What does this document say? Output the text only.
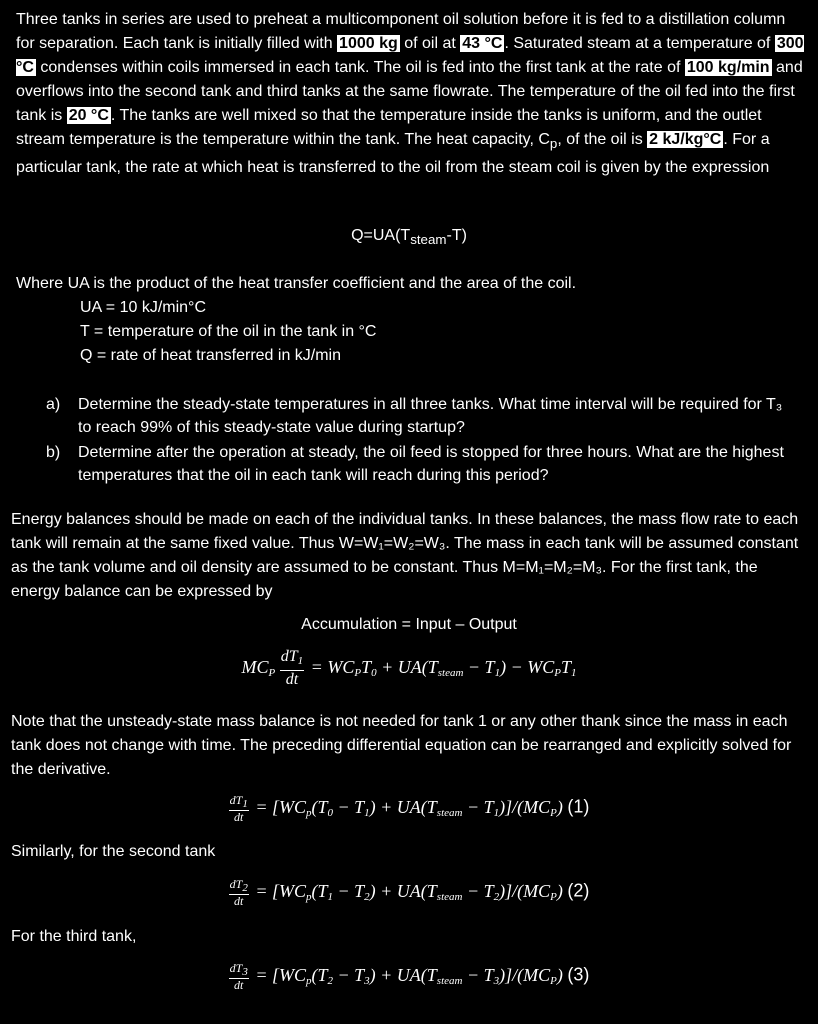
Three tanks in series are used to preheat a multicomponent oil solution before it is fed to a distillation column for separation. Each tank is initially filled with 1000 kg of oil at 43 °C . Saturated steam at a temperature of 300 °C condenses within coils immersed in each tank. The oil is fed into the first tank at the rate of 100 kg/min and overflows into the second tank and third tanks at the same flowrate. The temperature of the oil fed into the first tank is 20 °C . The tanks are well mixed so that the temperature inside the tanks is uniform, and the outlet stream temperature is the temperature within the tank. The heat capacity, $C_p$, of the oil is 2 kJ/kg°C . For a particular tank, the rate at which heat is transferred to the oil from the steam coil is given by the expression

$Q=UA(T_{steam}-T)$

Where UA is the product of the heat transfer coefficient and the area of the coil.

UA = 10 kJ/min°C
T = temperature of the oil in the tank in °C
Q = rate of heat transferred in kJ/min
a) Determine the steady-state temperatures in all three tanks. What time interval will be required for T₃ to reach 99% of this steady-state value during startup?
b) Determine after the operation at steady, the oil feed is stopped for three hours. What are the highest temperatures that the oil in each tank will reach during this period?

Energy balances should be made on each of the individual tanks. In these balances, the mass flow rate to each tank will remain at the same fixed value. Thus W=W₁=W₂=W₃. The mass in each tank will be assumed constant as the tank volume and oil density are assumed to be constant. Thus M=M₁=M₂=M₃. For the first tank, the energy balance can be expressed by

Accumulation = Input – Output
$MC_P \frac{dT_1}{dt} = WC_PT_0 + UA(T_{steam} - T_1) - WC_PT_1$

Note that the unsteady-state mass balance is not needed for tank 1 or any other thank since the mass in each tank does not change with time. The preceding differential equation can be rearranged and explicitly solved for the derivative.

$\frac{dT1}{dt} = [WC_p(T_0 - T_1) + UA(T_{steam} - T_1)]/(MC_P)$ (1)
Similarly, for the second tank
$\frac{dT2}{dt} = [WC_p(T_1 - T_2) + UA(T_{steam} - T_2)]/(MC_P)$ (2)
For the third tank,
$\frac{dT3}{dt} = [WC_p(T_2 - T_3) + UA(T_{steam} - T_3)]/(MC_P)$ (3)
